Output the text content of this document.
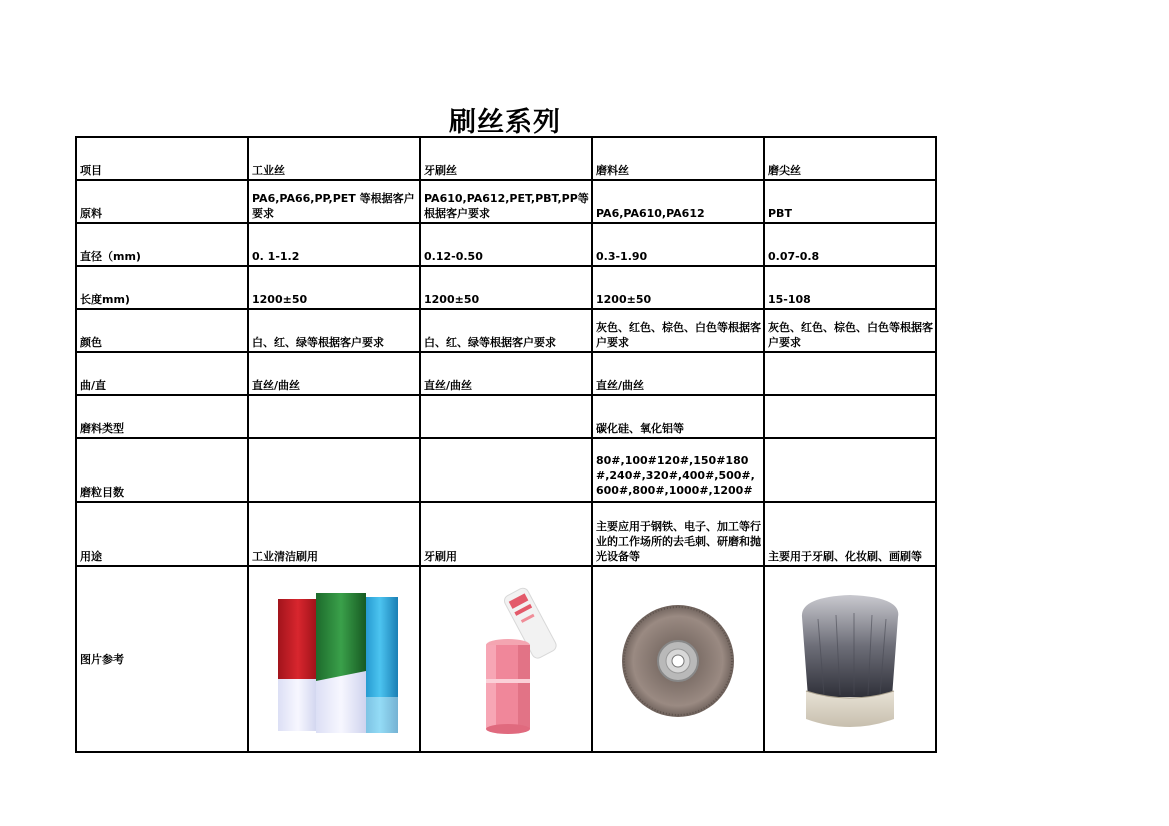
刷丝系列
项目	工业丝	牙刷丝	磨料丝	磨尖丝
原料	PA6,PA66,PP,PET 等根据客户要求	PA610,PA612,PET,PBT,PP等根据客户要求	PA6,PA610,PA612	PBT
直径（mm)	0. 1-1.2	0.12-0.50	0.3-1.90	0.07-0.8
长度mm)	1200±50	1200±50	1200±50	15-108
颜色	白、红、绿等根据客户要求	白、红、绿等根据客户要求	灰色、红色、棕色、白色等根据客户要求	灰色、红色、棕色、白色等根据客户要求
曲/直	直丝/曲丝	直丝/曲丝	直丝/曲丝	
磨料类型			碳化硅、氧化铝等	
磨粒目数			80#,100#120#,150#180#,240#,320#,400#,500#,600#,800#,1000#,1200#	
用途	工业清洁刷用	牙刷用	主要应用于钢铁、电子、加工等行业的工作场所的去毛刺、研磨和抛光设备等	主要用于牙刷、化妆刷、画刷等
图片参考	
